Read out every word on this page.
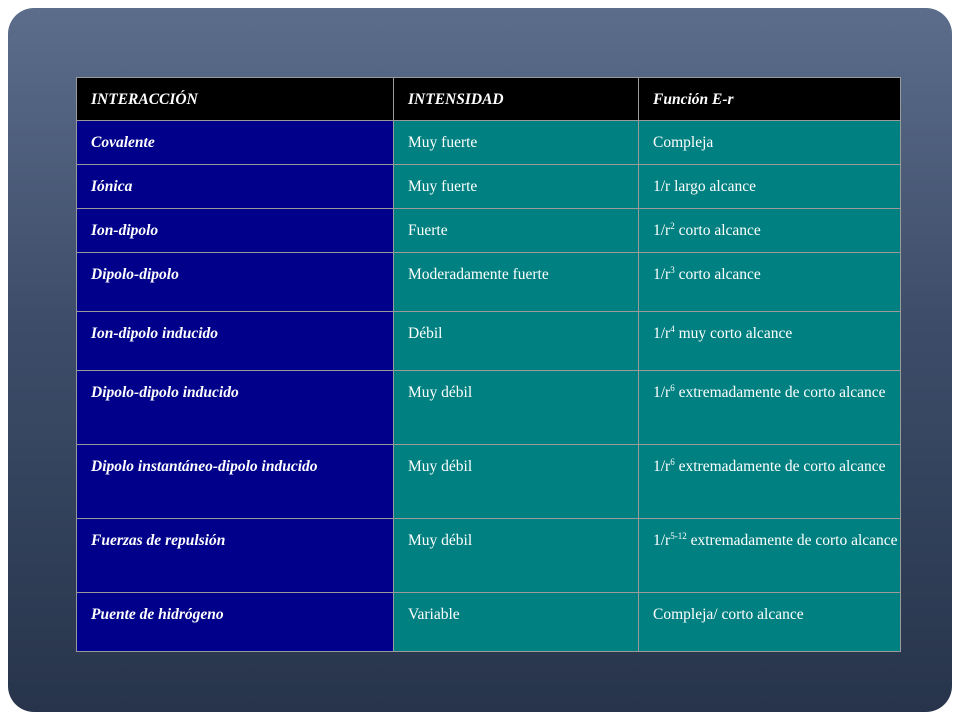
INTERACCIÓN	INTENSIDAD	Función E-r
Covalente	Muy fuerte	Compleja
Iónica	Muy fuerte	1/r largo alcance
Ion-dipolo	Fuerte	$1/r^2$ corto alcance
Dipolo-dipolo	Moderadamente fuerte	$1/r^3$ corto alcance
Ion-dipolo inducido	Débil	$1/r^4$ muy corto alcance
Dipolo-dipolo inducido	Muy débil	$1/r^6$ extremadamente de corto alcance
Dipolo instantáneo-dipolo inducido	Muy débil	$1/r^6$ extremadamente de corto alcance
Fuerzas de repulsión	Muy débil	$1/r^{5-12}$ extremadamente de corto alcance
Puente de hidrógeno	Variable	Compleja/ corto alcance
